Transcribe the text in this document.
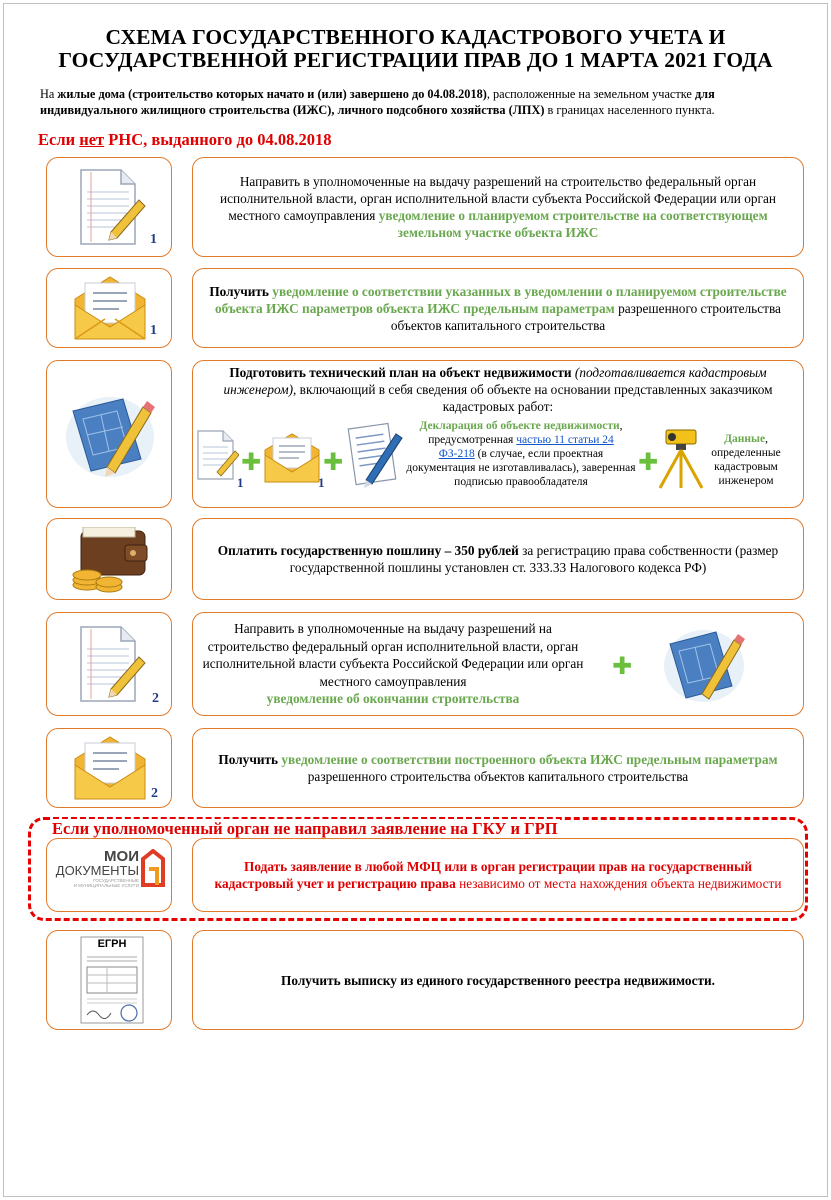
СХЕМА ГОСУДАРСТВЕННОГО КАДАСТРОВОГО УЧЕТА И
ГОСУДАРСТВЕННОЙ РЕГИСТРАЦИИ ПРАВ ДО 1 МАРТА 2021 ГОДА
На жилые дома (строительство которых начато и (или) завершено до 04.08.2018), расположенные на земельном участке для индивидуального жилищного строительства (ИЖС), личного подсобного хозяйства (ЛПХ) в границах населенного пункта.
Если нет РНС, выданного до 04.08.2018
1
Направить в уполномоченные на выдачу разрешений на строительство федеральный орган исполнительной власти, орган исполнительной власти субъекта Российской Федерации или орган местного самоуправления уведомление о планируемом строительстве на соответствующем земельном участке объекта ИЖС
1
Получить уведомление о соответствии указанных в уведомлении о планируемом строительстве объекта ИЖС параметров объекта ИЖС предельным параметрам разрешенного строительства объектов капитального строительства
Подготовить технический план на объект недвижимости (подготавливается кадастровым инженером), включающий в себя сведения об объекте на основании представленных заказчиком кадастровых работ:
1
✚
1
✚
Декларация об объекте недвижимости, предусмотренная частью 11 статьи 24
ФЗ-218 (в случае, если проектная документация не изготавливалась), заверенная подписью правообладателя
✚
Данные, определенные кадастровым инженером
Оплатить государственную пошлину – 350 рублей за регистрацию права собственности (размер государственной пошлины установлен ст. 333.33 Налогового кодекса РФ)
2
Направить в уполномоченные на выдачу разрешений на строительство федеральный орган исполнительной власти, орган исполнительной власти субъекта Российской Федерации или орган местного самоуправления
уведомление об окончании строительства
✚
2
Получить уведомление о соответствии построенного объекта ИЖС предельным параметрам разрешенного строительства объектов капитального строительства
Если уполномоченный орган не направил заявление на ГКУ и ГРП
МОИ
ДОКУМЕНТЫ
ГОСУДАРСТВЕННЫЕ
И МУНИЦИПАЛЬНЫЕ УСЛУГИ
Подать заявление в любой МФЦ или в орган регистрации прав на государственный кадастровый учет и регистрацию права независимо от места нахождения объекта недвижимости
ЕГРН
Получить выписку из единого государственного реестра недвижимости.
